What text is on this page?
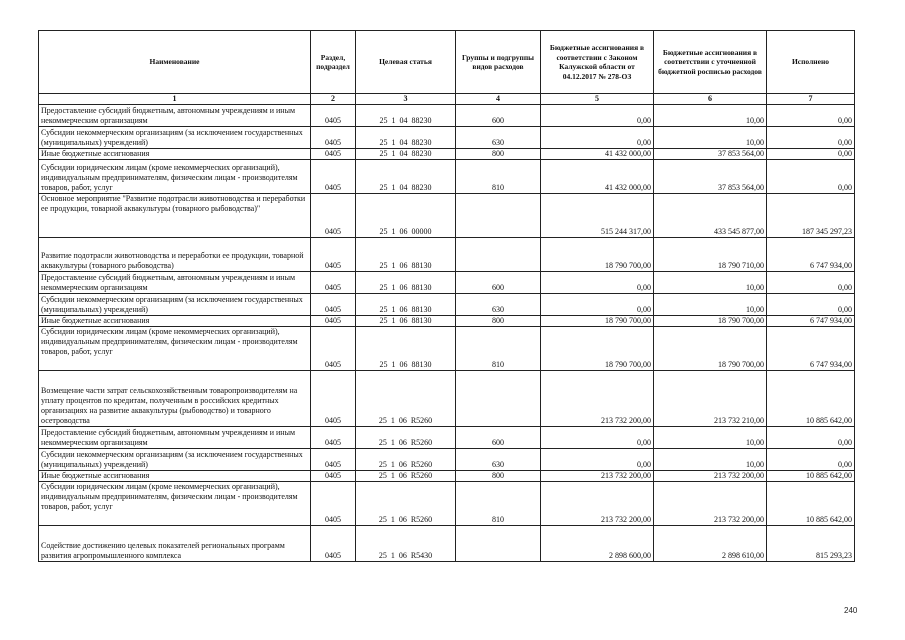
Наименование	Раздел, подраздел	Целевая статья	Группы и подгруппы видов расходов	Бюджетные ассигнования в соответствии с Законом Калужской области от 04.12.2017 № 278-ОЗ	Бюджетные ассигнования в соответствии с уточненной бюджетной росписью расходов	Исполнено
1	2	3	4	5	6	7
Предоставление субсидий бюджетным, автономным учреждениям и иным некоммерческим организациям	0405	25  1  04  88230	600	0,00	10,00	0,00
Субсидии некоммерческим организациям (за исключением государственных (муниципальных) учреждений)	0405	25  1  04  88230	630	0,00	10,00	0,00
Иные бюджетные ассигнования	0405	25  1  04  88230	800	41 432 000,00	37 853 564,00	0,00
Субсидии юридическим лицам (кроме некоммерческих организаций), индивидуальным предпринимателям, физическим лицам - производителям товаров, работ, услуг	0405	25  1  04  88230	810	41 432 000,00	37 853 564,00	0,00
Основное мероприятие "Развитие подотрасли животноводства и переработки ее продукции, товарной аквакультуры (товарного рыбоводства)"	0405	25  1  06  00000		515 244 317,00	433 545 877,00	187 345 297,23
Развитие подотрасли животноводства и переработки ее продукции, товарной аквакультуры (товарного рыбоводства)	0405	25  1  06  88130		18 790 700,00	18 790 710,00	6 747 934,00
Предоставление субсидий бюджетным, автономным учреждениям и иным некоммерческим организациям	0405	25  1  06  88130	600	0,00	10,00	0,00
Субсидии некоммерческим организациям (за исключением государственных (муниципальных) учреждений)	0405	25  1  06  88130	630	0,00	10,00	0,00
Иные бюджетные ассигнования	0405	25  1  06  88130	800	18 790 700,00	18 790 700,00	6 747 934,00
Субсидии юридическим лицам (кроме некоммерческих организаций), индивидуальным предпринимателям, физическим лицам - производителям товаров, работ, услуг	0405	25  1  06  88130	810	18 790 700,00	18 790 700,00	6 747 934,00
Возмещение части затрат сельскохозяйственным товаропроизводителям на уплату процентов по кредитам, полученным в российских кредитных организациях на развитие аквакультуры (рыбоводство) и товарного осетроводства	0405	25  1  06  R5260		213 732 200,00	213 732 210,00	10 885 642,00
Предоставление субсидий бюджетным, автономным учреждениям и иным некоммерческим организациям	0405	25  1  06  R5260	600	0,00	10,00	0,00
Субсидии некоммерческим организациям (за исключением государственных (муниципальных) учреждений)	0405	25  1  06  R5260	630	0,00	10,00	0,00
Иные бюджетные ассигнования	0405	25  1  06  R5260	800	213 732 200,00	213 732 200,00	10 885 642,00
Субсидии юридическим лицам (кроме некоммерческих организаций), индивидуальным предпринимателям, физическим лицам - производителям товаров, работ, услуг	0405	25  1  06  R5260	810	213 732 200,00	213 732 200,00	10 885 642,00
Содействие достижению целевых показателей региональных программ развития агропромышленного комплекса	0405	25  1  06  R5430		2 898 600,00	2 898 610,00	815 293,23
240
